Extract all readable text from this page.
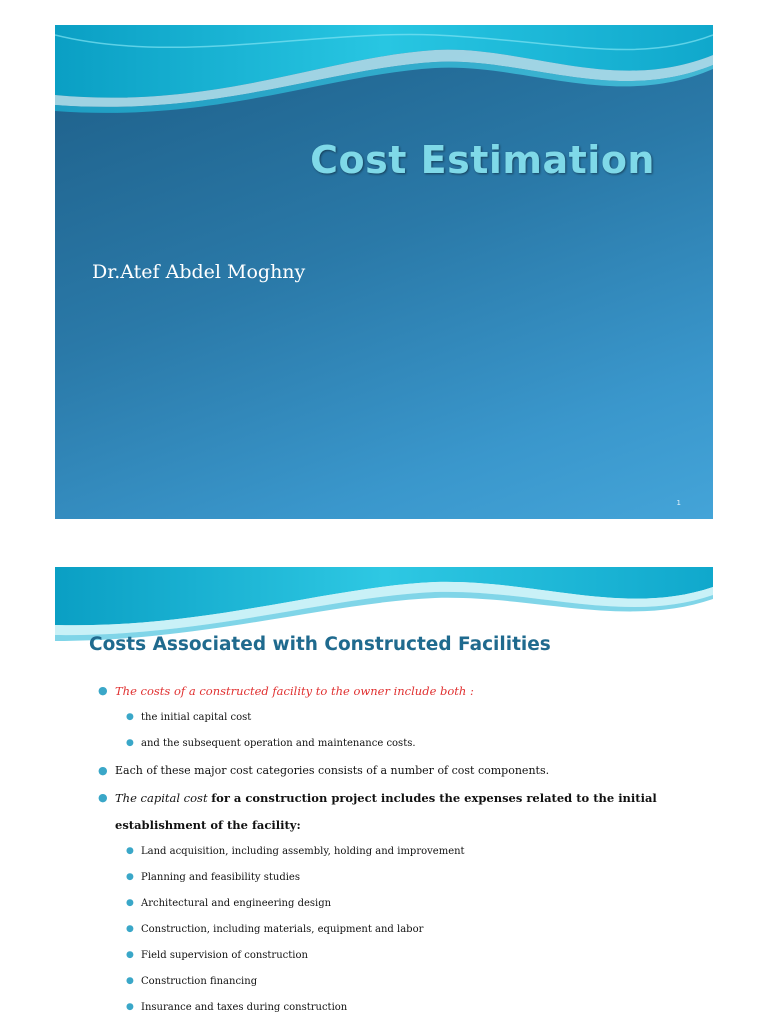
Cost Estimation
Dr.Atef Abdel Moghny
1
Costs Associated with Constructed Facilities
● The costs of a constructed facility to the owner include both :
● the initial capital cost
● and the subsequent operation and maintenance costs.
● Each of these major cost categories consists of a number of cost components.
● The capital cost for a construction project includes the expenses related to the initial
establishment of the facility:
● Land acquisition, including assembly, holding and improvement
● Planning and feasibility studies
● Architectural and engineering design
● Construction, including materials, equipment and labor
● Field supervision of construction
● Construction financing
● Insurance and taxes during construction
